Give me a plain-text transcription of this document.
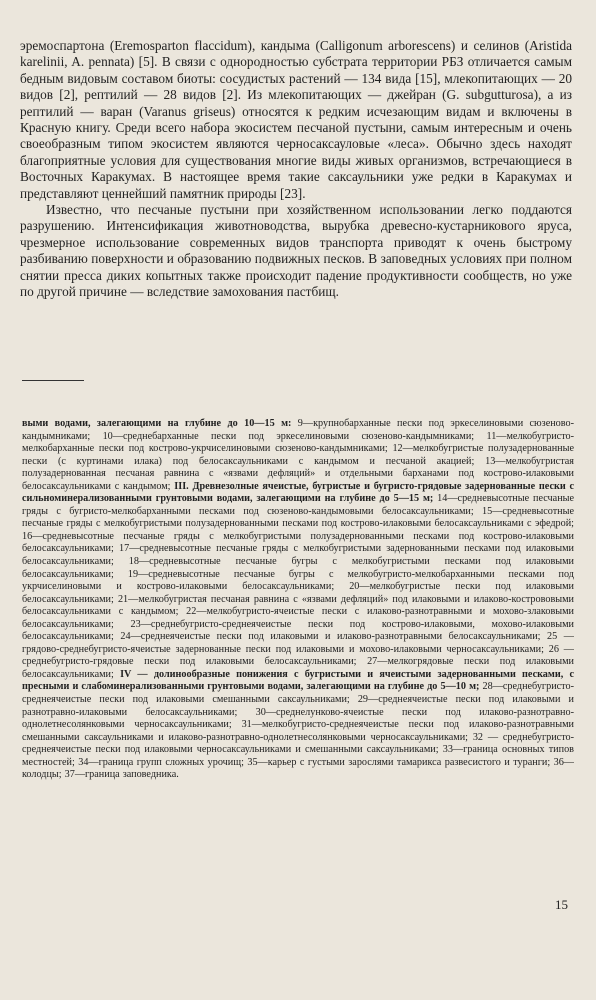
эремоспартона (Eremosparton flaccidum), кандыма (Calligonum arborescens) и селинов (Aristida karelinii, A. pennata) [5]. В связи с однородностью субстрата территории РБЗ отличается самым бедным видовым составом биоты: сосудистых растений — 134 вида [15], млекопитающих — 20 видов [2], рептилий — 28 видов [2]. Из млекопитающих — джейран (G. subgutturosa), а из рептилий — варан (Varanus griseus) относятся к редким исчезающим видам и включены в Красную книгу. Среди всего набора экосистем песчаной пустыни, самым интересным и очень своеобразным типом экосистем являются черносаксауловые «леса». Обычно здесь находят благоприятные условия для существования многие виды живых организмов, встречающиеся в Восточных Каракумах. В настоящее время такие саксаульники уже редки в Каракумах и представляют ценнейший памятник природы [23].

Известно, что песчаные пустыни при хозяйственном использовании легко поддаются разрушению. Интенсификация животноводства, вырубка древесно-кустарникового яруса, чрезмерное использование современных видов транспорта приводят к очень быстрому разбиванию поверхности и образованию подвижных песков. В заповедных условиях при полном снятии пресса диких копытных также происходит падение продуктивности сообществ, но уже по другой причине — вследствие замохования пастбищ.

выми водами, залегающими на глубине до 10—15 м: 9—крупнобарханные пески под эркеселиновыми сюзеново-кандымниками; 10—среднебарханные пески под эркеселиновыми сюзеново-кандымниками; 11—мелкобугристо-мелкобарханные пески под кострово-укрчиселиновыми сюзеново-кандымниками; 12—мелкобугристые полузадернованные пески (с куртинами илака) под белосаксаульниками с кандымом и песчаной акацией; 13—мелкобугристая полузадернованная песчаная равнина с «язвами дефляций» и отдельными барханами под кострово-илаковыми белосаксаульниками с кандымом; III. Древнезолные ячеистые, бугристые и бугристо-грядовые задернованные пески с сильноминерализованными грунтовыми водами, залегающими на глубине до 5—15 м; 14—средневысотные песчаные гряды с бугристо-мелкобарханными песками под сюзеново-кандымовыми белосаксаульниками; 15—средневысотные песчаные гряды с мелкобугристыми полузадернованными песками под кострово-илаковыми белосаксаульниками с эфедрой; 16—средневысотные песчаные гряды с мелкобугристыми полузадернованными песками под кострово-илаковыми белосаксаульниками; 17—средневысотные песчаные гряды с мелкобугристыми задернованными песками под илаковыми белосаксаульниками; 18—средневысотные песчаные бугры с мелкобугристыми песками под илаковыми белосаксаульниками; 19—средневысотные песчаные бугры с мелкобугристо-мелкобарханными песками под укрчиселиновыми и кострово-илаковыми белосаксаульниками; 20—мелкобугристые пески под илаковыми белосаксаульниками; 21—мелкобугристая песчаная равнина с «язвами дефляций» под илаковыми и илаково-кострововыми белосаксаульниками с кандымом; 22—мелкобугристо-ячеистые пески с илаково-разнотравными и мохово-злаковыми белосаксаульниками; 23—среднебугристо-среднеячеистые пески под кострово-илаковыми, мохово-илаковыми белосаксаульниками; 24—среднеячеистые пески под илаковыми и илаково-разнотравными белосаксаульниками; 25 — грядово-среднебугристо-ячеистые задернованные пески под илаковыми и мохово-илаковыми черносаксаульниками; 26 — среднебугристо-грядовые пески под илаковыми белосаксаульниками; 27—мелкогрядовые пески под илаковыми белосаксаульниками; IV — долинообразные понижения с бугристыми и ячеистыми задернованными песками, с пресными и слабоминерализованными грунтовыми водами, залегающими на глубине до 5—10 м; 28—среднебугристо-среднеячеистые пески под илаковыми смешанными саксаульниками; 29—среднеячеистые пески под илаковыми и разнотравно-илаковыми белосаксаульниками; 30—среднелунково-ячеистые пески под илаково-разнотравно-однолетнесолянковыми черносаксаульниками; 31—мелкобугристо-среднеячеистые пески под илаково-разнотравными смешанными саксаульниками и илаково-разнотравно-однолетнесолянковыми черносаксаульниками; 32 — среднебугристо-среднеячеистые пески под илаковыми черносаксаульниками и смешанными саксаульниками; 33—граница основных типов местностей; 34—граница групп сложных урочищ; 35—карьер с густыми зарослями тамарикса развесистого и туранги; 36—колодцы; 37—граница заповедника.
15
